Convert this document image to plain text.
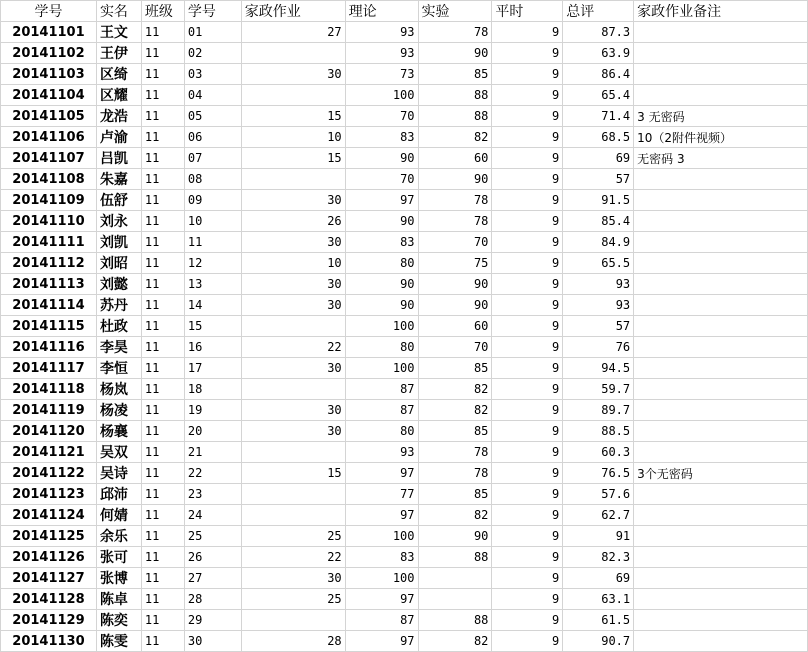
学号	实名	班级	学号	家政作业	理论	实验	平时	总评	家政作业备注
20141101	王文	11	01	27	93	78	9	87.3	
20141102	王伊	11	02		93	90	9	63.9	
20141103	区绮	11	03	30	73	85	9	86.4	
20141104	区耀	11	04		100	88	9	65.4	
20141105	龙浩	11	05	15	70	88	9	71.4	3 无密码
20141106	卢渝	11	06	10	83	82	9	68.5	10（2附件视频）
20141107	吕凯	11	07	15	90	60	9	69	无密码 3
20141108	朱嘉	11	08		70	90	9	57	
20141109	伍舒	11	09	30	97	78	9	91.5	
20141110	刘永	11	10	26	90	78	9	85.4	
20141111	刘凯	11	11	30	83	70	9	84.9	
20141112	刘昭	11	12	10	80	75	9	65.5	
20141113	刘懿	11	13	30	90	90	9	93	
20141114	苏丹	11	14	30	90	90	9	93	
20141115	杜政	11	15		100	60	9	57	
20141116	李昊	11	16	22	80	70	9	76	
20141117	李恒	11	17	30	100	85	9	94.5	
20141118	杨岚	11	18		87	82	9	59.7	
20141119	杨凌	11	19	30	87	82	9	89.7	
20141120	杨襄	11	20	30	80	85	9	88.5	
20141121	吴双	11	21		93	78	9	60.3	
20141122	吴诗	11	22	15	97	78	9	76.5	3个无密码
20141123	邱沛	11	23		77	85	9	57.6	
20141124	何婧	11	24		97	82	9	62.7	
20141125	余乐	11	25	25	100	90	9	91	
20141126	张可	11	26	22	83	88	9	82.3	
20141127	张博	11	27	30	100		9	69	
20141128	陈卓	11	28	25	97		9	63.1	
20141129	陈奕	11	29		87	88	9	61.5	
20141130	陈雯	11	30	28	97	82	9	90.7	
